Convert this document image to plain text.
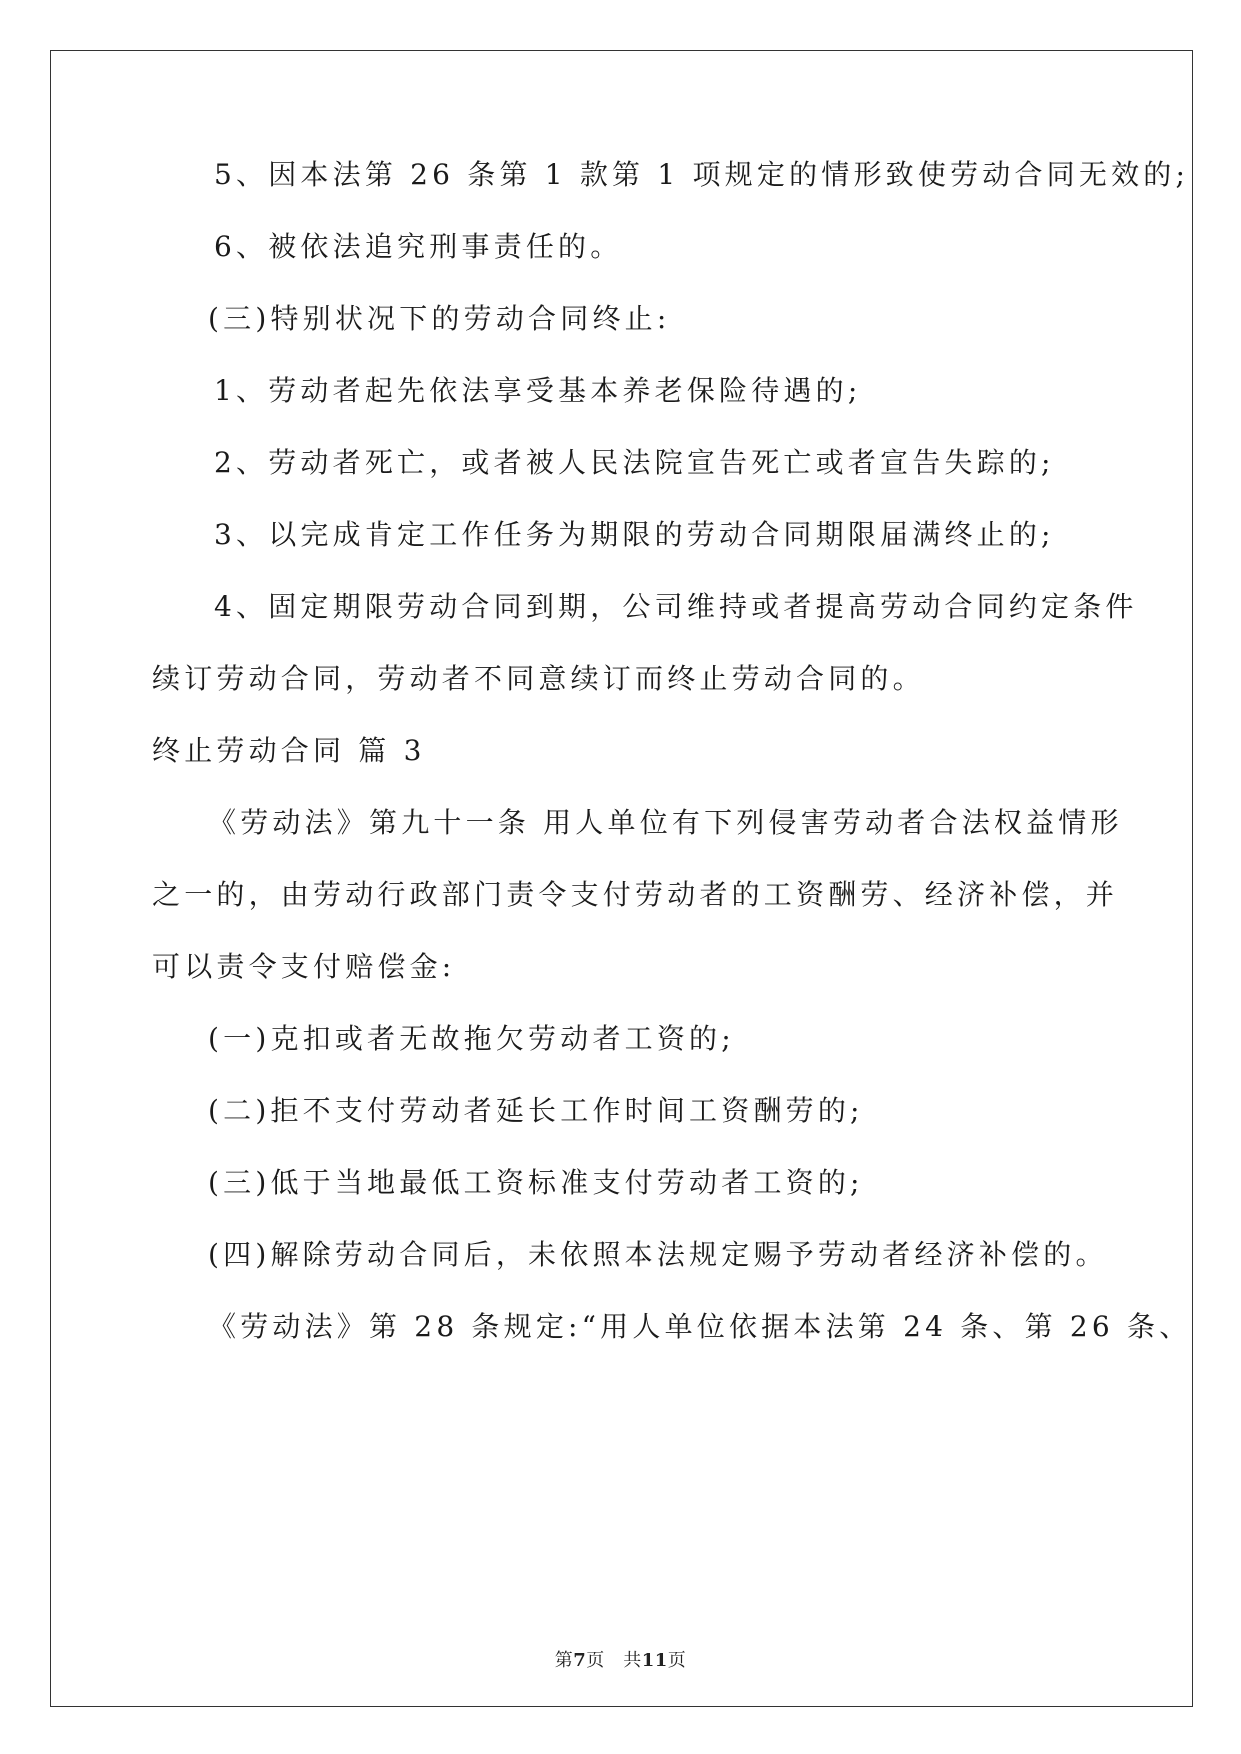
5、因本法第 26 条第 1 款第 1 项规定的情形致使劳动合同无效的;
6、被依法追究刑事责任的。
(三)特别状况下的劳动合同终止:
1、劳动者起先依法享受基本养老保险待遇的;
2、劳动者死亡，或者被人民法院宣告死亡或者宣告失踪的;
3、以完成肯定工作任务为期限的劳动合同期限届满终止的;
4、固定期限劳动合同到期，公司维持或者提高劳动合同约定条件
续订劳动合同，劳动者不同意续订而终止劳动合同的。
终止劳动合同 篇 3
《劳动法》第九十一条 用人单位有下列侵害劳动者合法权益情形
之一的，由劳动行政部门责令支付劳动者的工资酬劳、经济补偿，并
可以责令支付赔偿金:
(一)克扣或者无故拖欠劳动者工资的;
(二)拒不支付劳动者延长工作时间工资酬劳的;
(三)低于当地最低工资标准支付劳动者工资的;
(四)解除劳动合同后，未依照本法规定赐予劳动者经济补偿的。
《劳动法》第 28 条规定:“用人单位依据本法第 24 条、第 26 条、
第7页　共11页
